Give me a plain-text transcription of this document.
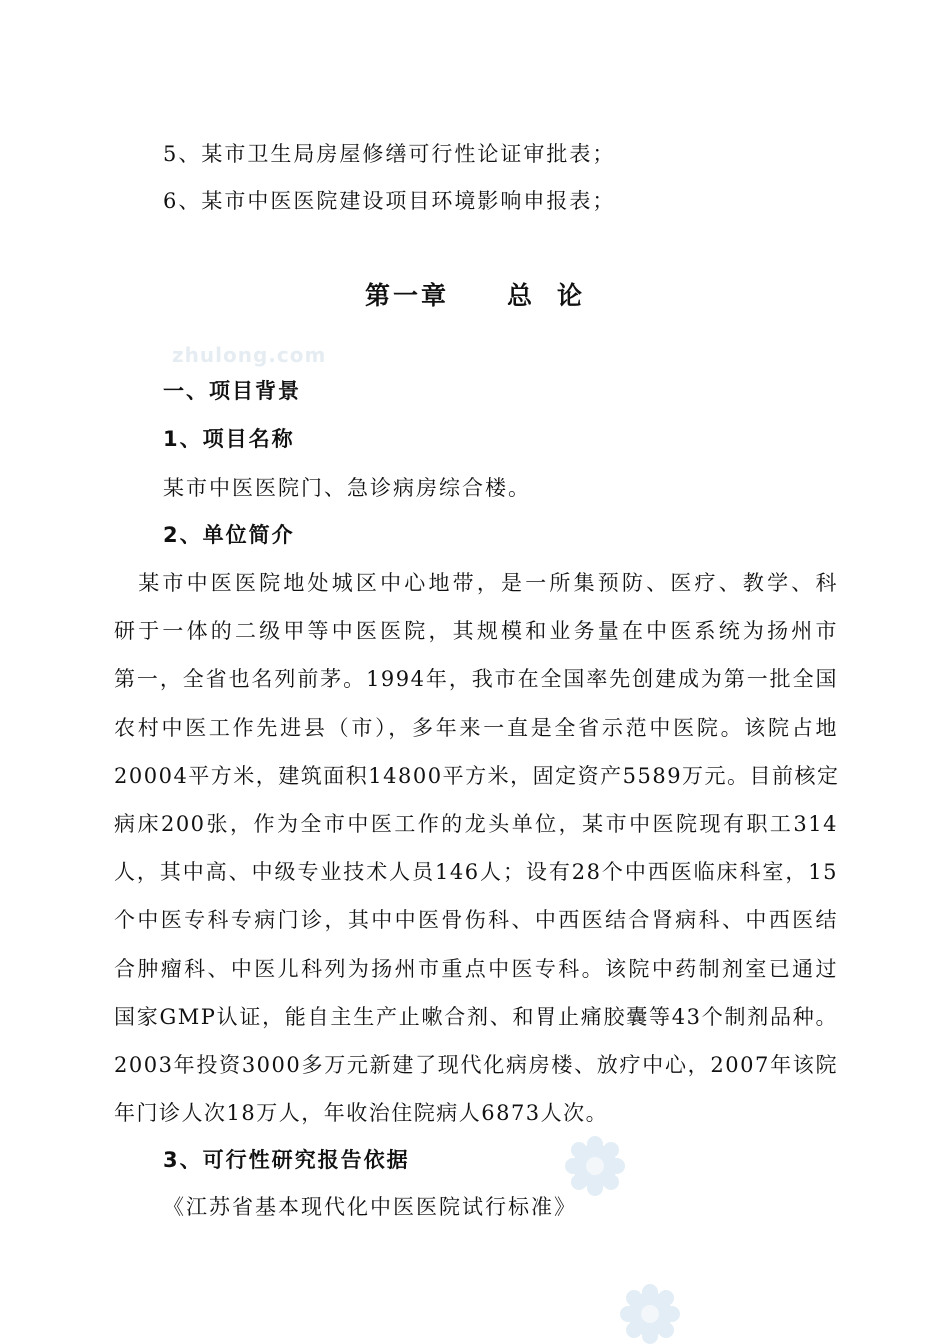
5、某市卫生局房屋修缮可行性论证审批表；
6、某市中医医院建设项目环境影响申报表；
第一章 总 论
zhulong.com
一、项目背景
1、项目名称
某市中医医院门、急诊病房综合楼。
2、单位简介
　某市中医医院地处城区中心地带，是一所集预防、医疗、教学、科
研于一体的二级甲等中医医院，其规模和业务量在中医系统为扬州市
第一，全省也名列前茅。1994年，我市在全国率先创建成为第一批全国
农村中医工作先进县（市），多年来一直是全省示范中医院。该院占地
20004平方米，建筑面积14800平方米，固定资产5589万元。目前核定
病床200张，作为全市中医工作的龙头单位，某市中医院现有职工314
人，其中高、中级专业技术人员146人；设有28个中西医临床科室，15
个中医专科专病门诊，其中中医骨伤科、中西医结合肾病科、中西医结
合肿瘤科、中医儿科列为扬州市重点中医专科。该院中药制剂室已通过
国家GMP认证，能自主生产止嗽合剂、和胃止痛胶囊等43个制剂品种。
2003年投资3000多万元新建了现代化病房楼、放疗中心，2007年该院
年门诊人次18万人，年收治住院病人6873人次。
3、可行性研究报告依据
《江苏省基本现代化中医医院试行标准》
